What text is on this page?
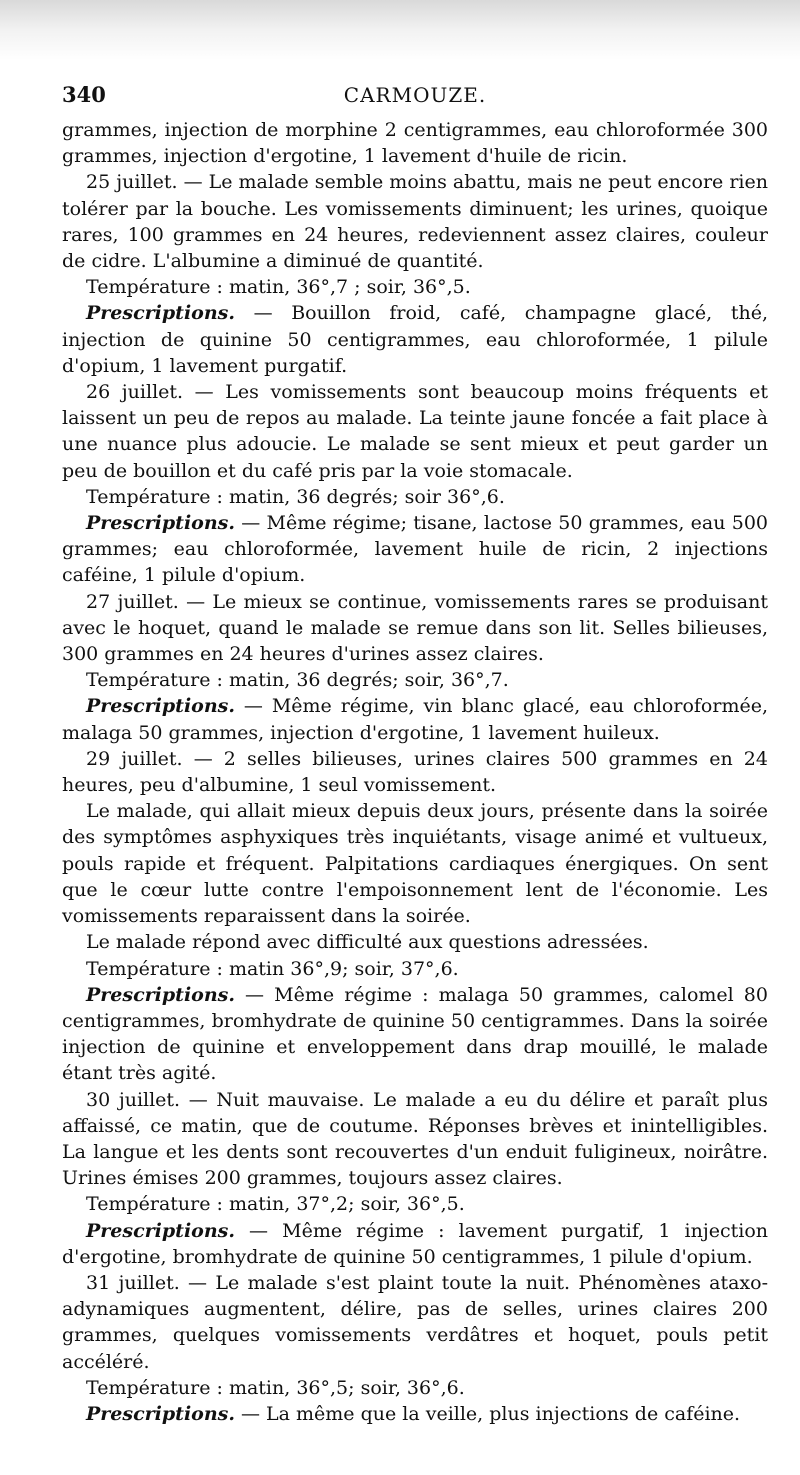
340	CARMOUZE.

grammes, injection de morphine 2 centigrammes, eau chloroformée 300 grammes, injection d'ergotine, 1 lavement d'huile de ricin.

25 juillet. — Le malade semble moins abattu, mais ne peut encore rien tolérer par la bouche. Les vomissements diminuent; les urines, quoique rares, 100 grammes en 24 heures, redeviennent assez claires, couleur de cidre. L'albumine a diminué de quantité.

Température : matin, 36°,7 ; soir, 36°,5.

Prescriptions. — Bouillon froid, café, champagne glacé, thé, injection de quinine 50 centigrammes, eau chloroformée, 1 pilule d'opium, 1 lavement purgatif.

26 juillet. — Les vomissements sont beaucoup moins fréquents et laissent un peu de repos au malade. La teinte jaune foncée a fait place à une nuance plus adoucie. Le malade se sent mieux et peut garder un peu de bouillon et du café pris par la voie stomacale.

Température : matin, 36 degrés; soir 36°,6.

Prescriptions. — Même régime; tisane, lactose 50 grammes, eau 500 grammes; eau chloroformée, lavement huile de ricin, 2 injections caféine, 1 pilule d'opium.

27 juillet. — Le mieux se continue, vomissements rares se produisant avec le hoquet, quand le malade se remue dans son lit. Selles bilieuses, 300 grammes en 24 heures d'urines assez claires.

Température : matin, 36 degrés; soir, 36°,7.

Prescriptions. — Même régime, vin blanc glacé, eau chloroformée, malaga 50 grammes, injection d'ergotine, 1 lavement huileux.

29 juillet. — 2 selles bilieuses, urines claires 500 grammes en 24 heures, peu d'albumine, 1 seul vomissement.

Le malade, qui allait mieux depuis deux jours, présente dans la soirée des symptômes asphyxiques très inquiétants, visage animé et vultueux, pouls rapide et fréquent. Palpitations cardiaques énergiques. On sent que le cœur lutte contre l'empoisonnement lent de l'économie. Les vomissements reparaissent dans la soirée.

Le malade répond avec difficulté aux questions adressées.

Température : matin 36°,9; soir, 37°,6.

Prescriptions. — Même régime : malaga 50 grammes, calomel 80 centigrammes, bromhydrate de quinine 50 centigrammes. Dans la soirée injection de quinine et enveloppement dans drap mouillé, le malade étant très agité.

30 juillet. — Nuit mauvaise. Le malade a eu du délire et paraît plus affaissé, ce matin, que de coutume. Réponses brèves et inintelligibles. La langue et les dents sont recouvertes d'un enduit fuligineux, noirâtre. Urines émises 200 grammes, toujours assez claires.

Température : matin, 37°,2; soir, 36°,5.

Prescriptions. — Même régime : lavement purgatif, 1 injection d'ergotine, bromhydrate de quinine 50 centigrammes, 1 pilule d'opium.

31 juillet. — Le malade s'est plaint toute la nuit. Phénomènes ataxo-adynamiques augmentent, délire, pas de selles, urines claires 200 grammes, quelques vomissements verdâtres et hoquet, pouls petit accéléré.

Température : matin, 36°,5; soir, 36°,6.

Prescriptions. — La même que la veille, plus injections de caféine.
